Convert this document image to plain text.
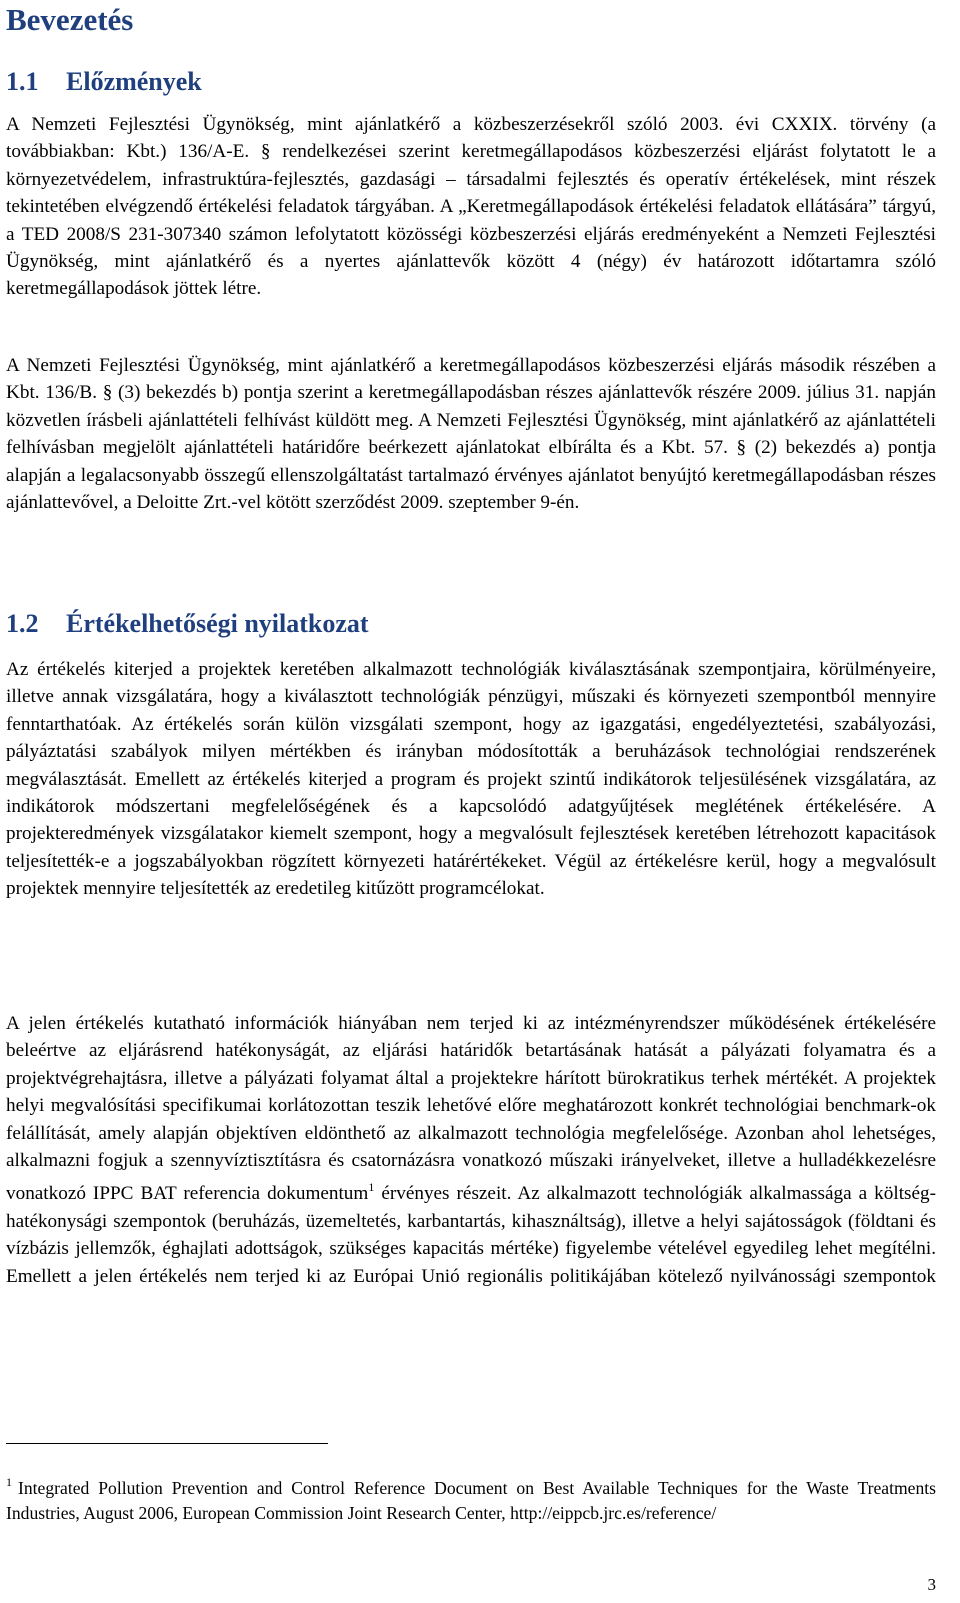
Bevezetés
1.1 Előzmények

A Nemzeti Fejlesztési Ügynökség, mint ajánlatkérő a közbeszerzésekről szóló 2003. évi CXXIX. törvény (a továbbiakban: Kbt.) 136/A-E. § rendelkezései szerint keretmegállapodásos közbeszerzési eljárást folytatott le a környezetvédelem, infrastruktúra-fejlesztés, gazdasági – társadalmi fejlesztés és operatív értékelések, mint részek tekintetében elvégzendő értékelési feladatok tárgyában. A „Keretmegállapodások értékelési feladatok ellátására” tárgyú, a TED 2008/S 231-307340 számon lefolytatott közösségi közbeszerzési eljárás eredményeként a Nemzeti Fejlesztési Ügynökség, mint ajánlatkérő és a nyertes ajánlattevők között 4 (négy) év határozott időtartamra szóló keretmegállapodások jöttek létre.

A Nemzeti Fejlesztési Ügynökség, mint ajánlatkérő a keretmegállapodásos közbeszerzési eljárás második részében a Kbt. 136/B. § (3) bekezdés b) pontja szerint a keretmegállapodásban részes ajánlattevők részére 2009. július 31. napján közvetlen írásbeli ajánlattételi felhívást küldött meg. A Nemzeti Fejlesztési Ügynökség, mint ajánlatkérő az ajánlattételi felhívásban megjelölt ajánlattételi határidőre beérkezett ajánlatokat elbírálta és a Kbt. 57. § (2) bekezdés a) pontja alapján a legalacsonyabb összegű ellenszolgáltatást tartalmazó érvényes ajánlatot benyújtó keretmegállapodásban részes ajánlattevővel, a Deloitte Zrt.-vel kötött szerződést 2009. szeptember 9-én.

1.2 Értékelhetőségi nyilatkozat

Az értékelés kiterjed a projektek keretében alkalmazott technológiák kiválasztásának szempontjaira, körülményeire, illetve annak vizsgálatára, hogy a kiválasztott technológiák pénzügyi, műszaki és környezeti szempontból mennyire fenntarthatóak. Az értékelés során külön vizsgálati szempont, hogy az igazgatási, engedélyeztetési, szabályozási, pályáztatási szabályok milyen mértékben és irányban módosították a beruházások technológiai rendszerének megválasztását. Emellett az értékelés kiterjed a program és projekt szintű indikátorok teljesülésének vizsgálatára, az indikátorok módszertani megfelelőségének és a kapcsolódó adatgyűjtések meglétének értékelésére. A projekteredmények vizsgálatakor kiemelt szempont, hogy a megvalósult fejlesztések keretében létrehozott kapacitások teljesítették-e a jogszabályokban rögzített környezeti határértékeket. Végül az értékelésre kerül, hogy a megvalósult projektek mennyire teljesítették az eredetileg kitűzött programcélokat.

A jelen értékelés kutatható információk hiányában nem terjed ki az intézményrendszer működésének értékelésére beleértve az eljárásrend hatékonyságát, az eljárási határidők betartásának hatását a pályázati folyamatra és a projektvégrehajtásra, illetve a pályázati folyamat által a projektekre hárított bürokratikus terhek mértékét. A projektek helyi megvalósítási specifikumai korlátozottan teszik lehetővé előre meghatározott konkrét technológiai benchmark-ok felállítását, amely alapján objektíven eldönthető az alkalmazott technológia megfelelősége. Azonban ahol lehetséges, alkalmazni fogjuk a szennyvíztisztításra és csatornázásra vonatkozó műszaki irányelveket, illetve a hulladékkezelésre vonatkozó IPPC BAT referencia dokumentum$^1$ érvényes részeit. Az alkalmazott technológiák alkalmassága a költség-hatékonysági szempontok (beruházás, üzemeltetés, karbantartás, kihasználtság), illetve a helyi sajátosságok (földtani és vízbázis jellemzők, éghajlati adottságok, szükséges kapacitás mértéke) figyelembe vételével egyedileg lehet megítélni. Emellett a jelen értékelés nem terjed ki az Európai Unió regionális politikájában kötelező nyilvánossági szempontok

$^1$ Integrated Pollution Prevention and Control Reference Document on Best Available Techniques for the Waste Treatments Industries, August 2006, European Commission Joint Research Center, http://eippcb.jrc.es/reference/

3
